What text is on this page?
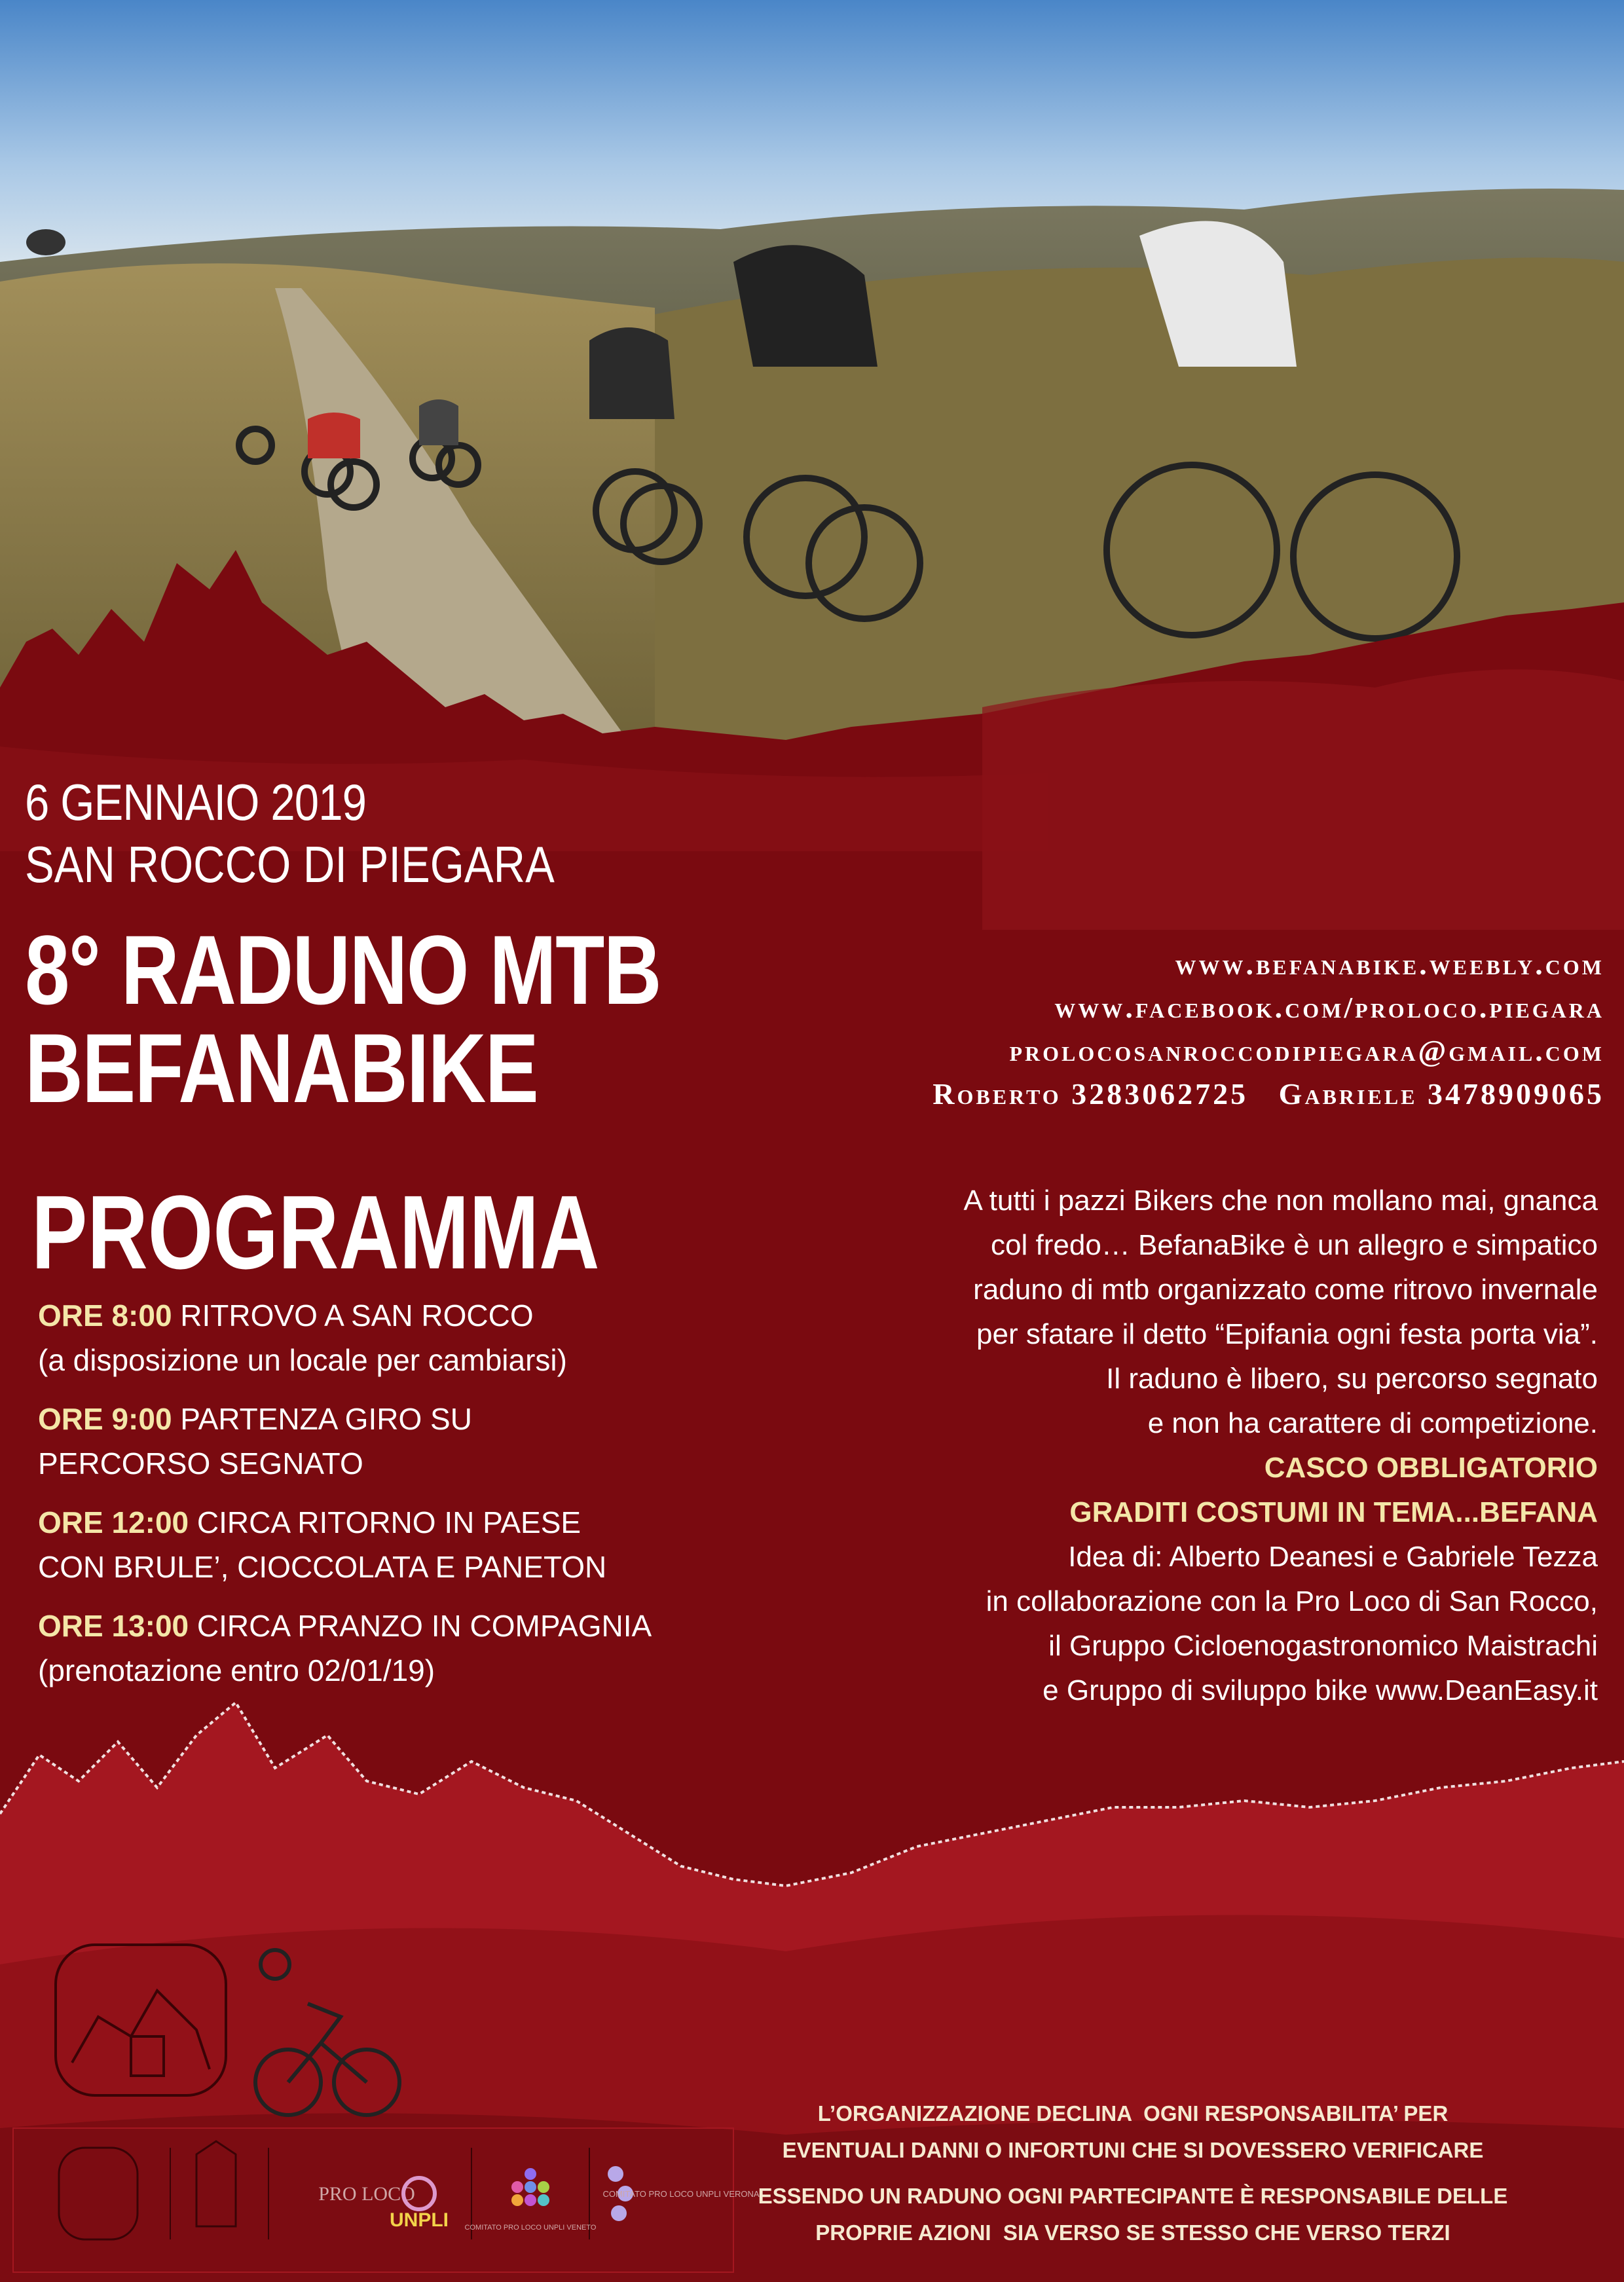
6 GENNAIO 2019
SAN ROCCO DI PIEGARA
8° RADUNO MTB
BEFANABIKE
www.befanabike.weebly.com
www.facebook.com/proloco.piegara
prolocosanroccodipiegara@gmail.com
Roberto 3283062725   Gabriele 3478909065
PROGRAMMA
ORE 8:00 RITROVO A SAN ROCCO
(a disposizione un locale per cambiarsi)
ORE 9:00 PARTENZA GIRO SU
PERCORSO SEGNATO
ORE 12:00 CIRCA RITORNO IN PAESE
CON BRULE’, CIOCCOLATA E PANETON
ORE 13:00 CIRCA PRANZO IN COMPAGNIA
(prenotazione entro 02/01/19)
A tutti i pazzi Bikers che non mollano mai, gnanca
col fredo… BefanaBike è un allegro e simpatico
raduno di mtb organizzato come ritrovo invernale
per sfatare il detto “Epifania ogni festa porta via”.
Il raduno è libero, su percorso segnato
e non ha carattere di competizione.
CASCO OBBLIGATORIO
GRADITI COSTUMI IN TEMA...BEFANA
Idea di: Alberto Deanesi e Gabriele Tezza
in collaborazione con la Pro Loco di San Rocco,
il Gruppo Cicloenogastronomico Maistrachi
e Gruppo di sviluppo bike www.DeanEasy.it
PRO LOCO
UNPLI COMITATO PRO LOCO UNPLI VENETO
COMITATO PRO LOCO UNPLI VERONA
L’ORGANIZZAZIONE DECLINA  OGNI RESPONSABILITA’ PER
EVENTUALI DANNI O INFORTUNI CHE SI DOVESSERO VERIFICARE
ESSENDO UN RADUNO OGNI PARTECIPANTE È RESPONSABILE DELLE
PROPRIE AZIONI  SIA VERSO SE STESSO CHE VERSO TERZI
